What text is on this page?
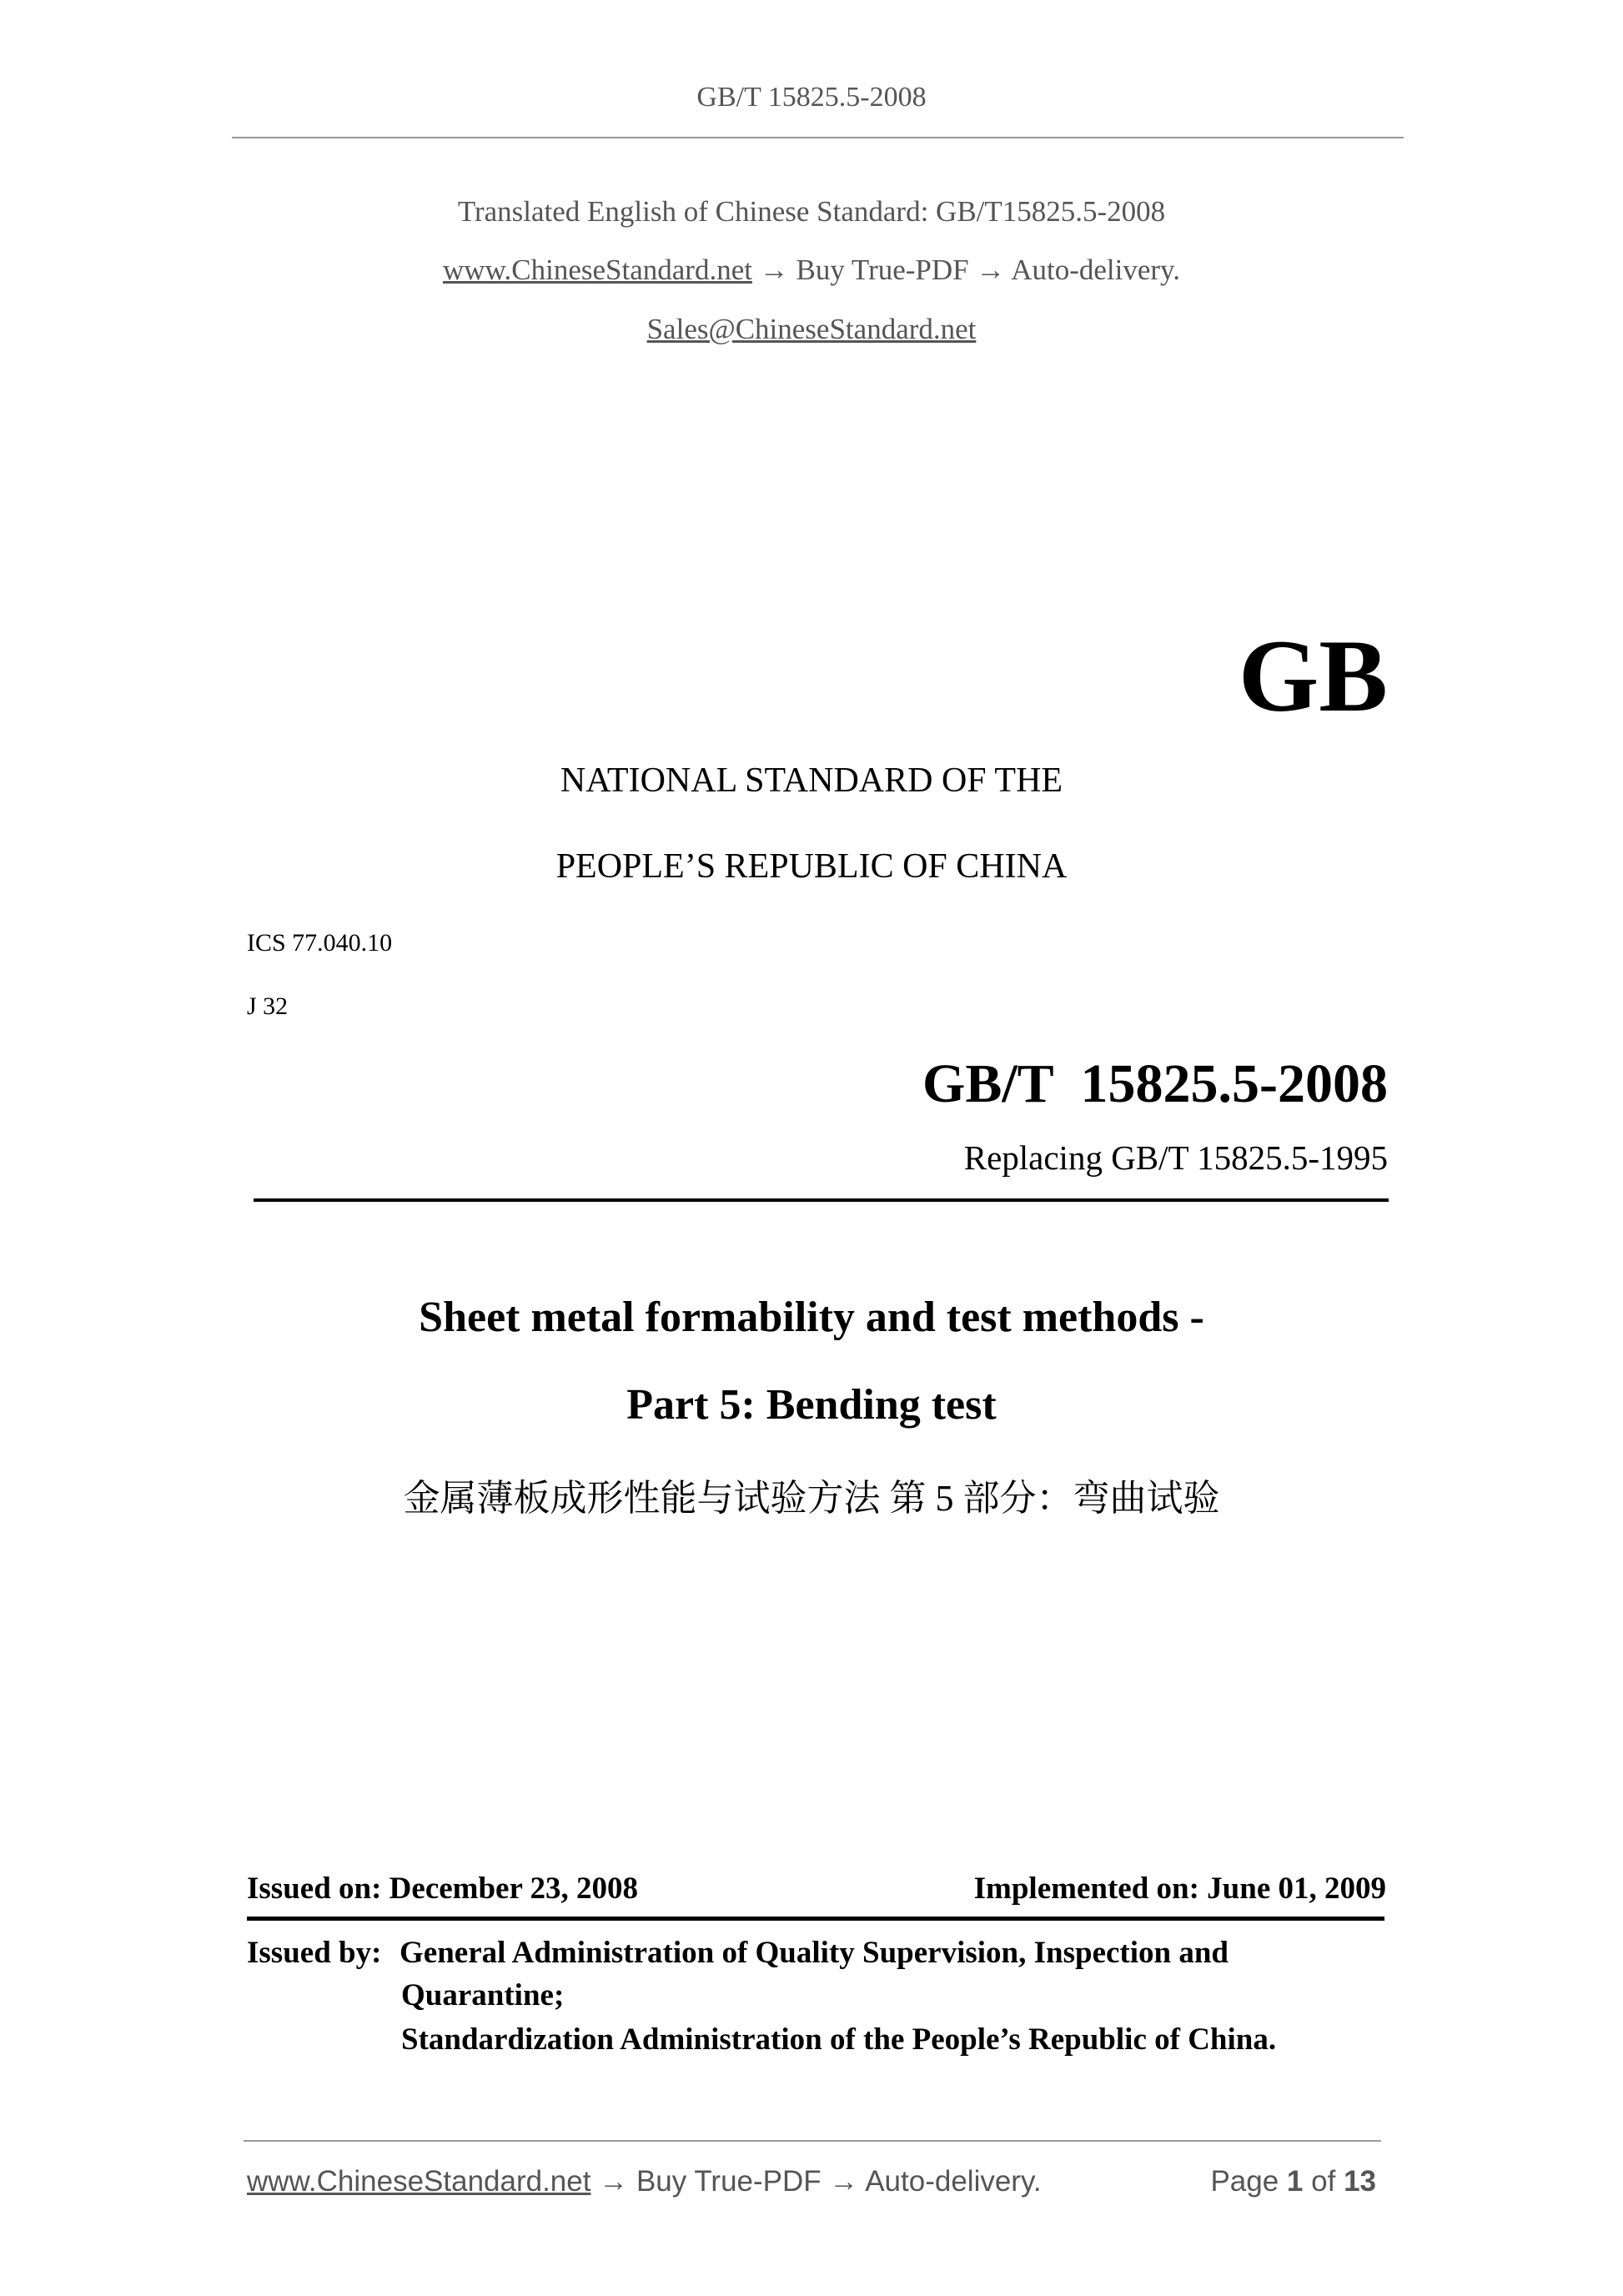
GB/T 15825.5-2008
Translated English of Chinese Standard: GB/T15825.5-2008
www.ChineseStandard.net → Buy True-PDF → Auto-delivery.
Sales@ChineseStandard.net
GB
NATIONAL STANDARD OF THE
PEOPLE’S REPUBLIC OF CHINA
ICS 77.040.10
J 32
GB/T  15825.5-2008
Replacing GB/T 15825.5-1995
Sheet metal formability and test methods -
Part 5: Bending test
金属薄板成形性能与试验方法 第 5 部分：弯曲试验
Issued on: December 23, 2008	Implemented on: June 01, 2009
Issued by: General Administration of Quality Supervision, Inspection and
Quarantine;
Standardization Administration of the People’s Republic of China.
www.ChineseStandard.net → Buy True-PDF → Auto-delivery.	Page 1 of 13
